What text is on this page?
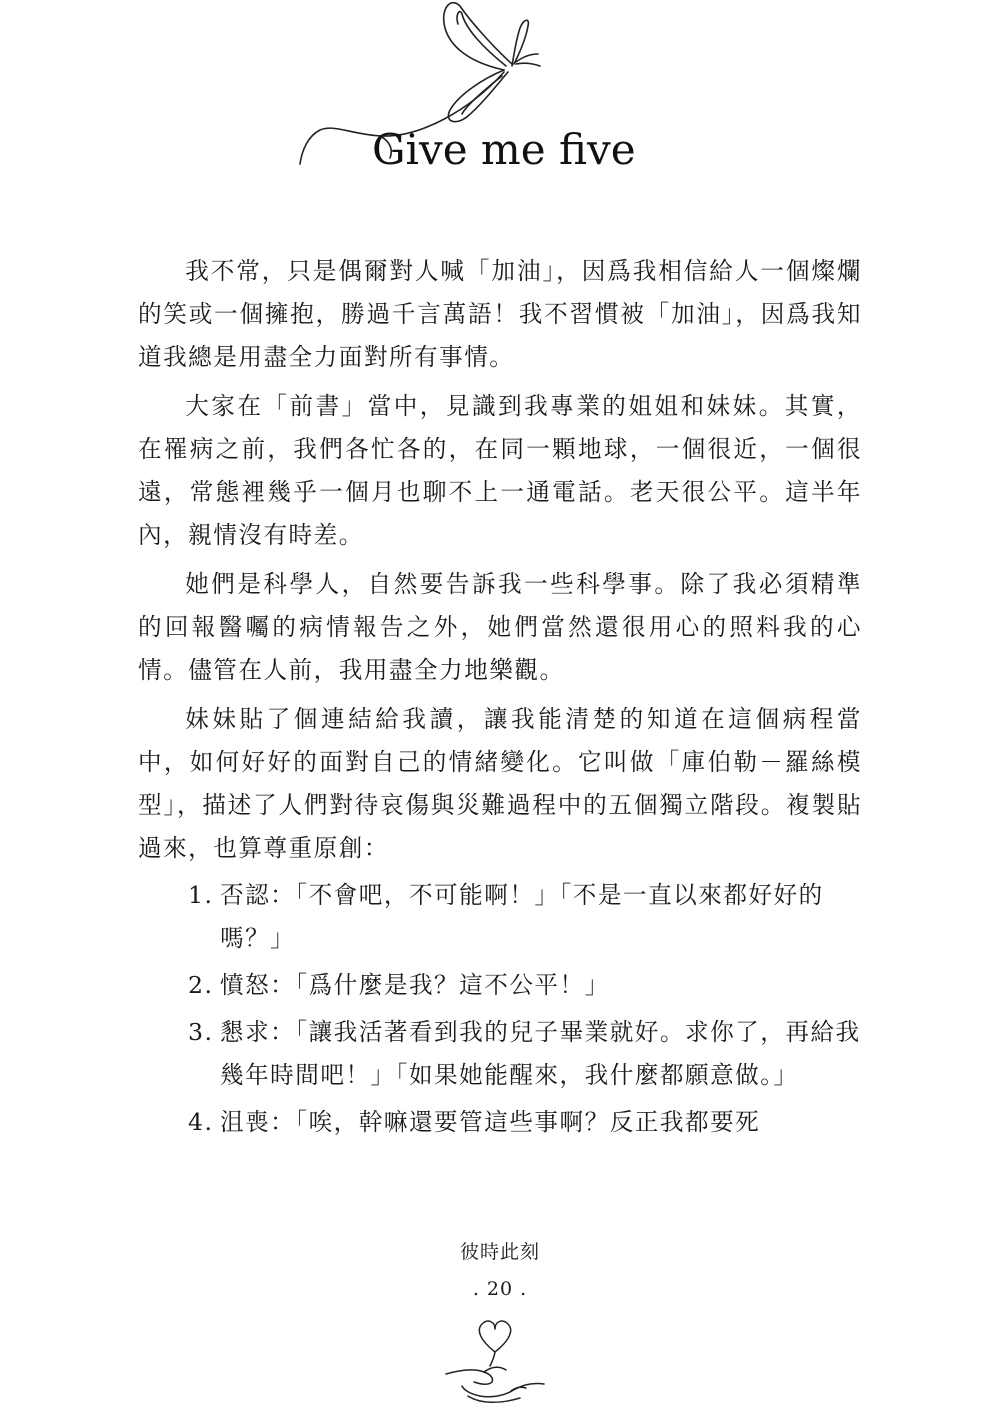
Give me five

我不常，只是偶爾對人喊「加油」，因爲我相信給人一個燦爛的笑或一個擁抱，勝過千言萬語！我不習慣被「加油」，因爲我知道我總是用盡全力面對所有事情。

大家在「前書」當中，見識到我專業的姐姐和妹妹。其實，在罹病之前，我們各忙各的，在同一顆地球，一個很近，一個很遠，常態裡幾乎一個月也聊不上一通電話。老天很公平。這半年內，親情沒有時差。

她們是科學人，自然要告訴我一些科學事。除了我必須精準的回報醫囑的病情報告之外，她們當然還很用心的照料我的心情。儘管在人前，我用盡全力地樂觀。

妹妹貼了個連結給我讀，讓我能清楚的知道在這個病程當中，如何好好的面對自己的情緒變化。它叫做「庫伯勒－羅絲模型」，描述了人們對待哀傷與災難過程中的五個獨立階段。複製貼過來，也算尊重原創：

1. 否認：「不會吧，不可能啊！」「不是一直以來都好好的嗎？」
2. 憤怒：「爲什麼是我？這不公平！」
3. 懇求：「讓我活著看到我的兒子畢業就好。求你了，再給我幾年時間吧！」「如果她能醒來，我什麼都願意做。」
4. 沮喪：「唉，幹嘛還要管這些事啊？反正我都要死
彼時此刻
. 20 .
